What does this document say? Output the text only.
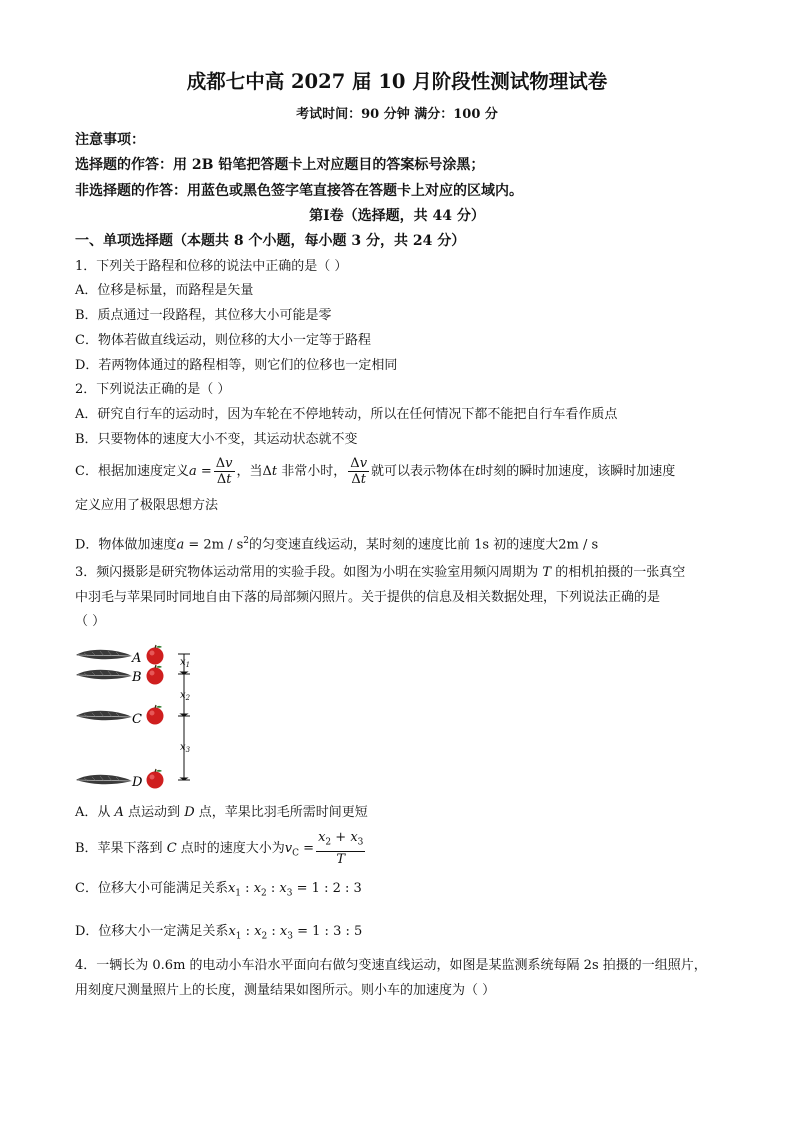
成都七中高 2027 届 10 月阶段性测试物理试卷
考试时间：90 分钟 满分：100 分
注意事项：
选择题的作答：用 2B 铅笔把答题卡上对应题目的答案标号涂黑；
非选择题的作答：用蓝色或黑色签字笔直接答在答题卡上对应的区域内。
第Ⅰ卷（选择题，共 44 分）
一、单项选择题（本题共 8 个小题，每小题 3 分，共 24 分）
1．下列关于路程和位移的说法中正确的是（ ）
A．位移是标量，而路程是矢量
B．质点通过一段路程，其位移大小可能是零
C．物体若做直线运动，则位移的大小一定等于路程
D．若两物体通过的路程相等，则它们的位移也一定相同
2．下列说法正确的是（ ）
A．研究自行车的运动时，因为车轮在不停地转动，所以在任何情况下都不能把自行车看作质点
B．只要物体的速度大小不变，其运动状态就不变
C．根据加速度定义$a = \frac{\Delta v}{\Delta t}$ ，当Δt 非常小时， $\frac{\Delta v}{\Delta t}$ 就可以表示物体在t时刻的瞬时加速度，该瞬时加速度
定义应用了极限思想方法
D．物体做加速度$a = 2m / s^2$的匀变速直线运动，某时刻的速度比前 1s 初的速度大2m / s
3．频闪摄影是研究物体运动常用的实验手段。如图为小明在实验室用频闪周期为 T 的相机拍摄的一张真空
中羽毛与苹果同时同地自由下落的局部频闪照片。关于提供的信息及相关数据处理，下列说法正确的是
（ ）
A
B
C
D
$x_1$
$x_2$
$x_3$
A．从 A 点运动到 D 点，苹果比羽毛所需时间更短
B．苹果下落到 C 点时的速度大小为$v_C = \frac{x_2 + x_3}{T}$
C．位移大小可能满足关系$x_1$ : $x_2$ : $x_3 = 1$ : 2 : 3
D．位移大小一定满足关系$x_1$ : $x_2$ : $x_3 = 1$ : 3 : 5
4．一辆长为 0.6m 的电动小车沿水平面向右做匀变速直线运动，如图是某监测系统每隔 2s 拍摄的一组照片，
用刻度尺测量照片上的长度，测量结果如图所示。则小车的加速度为（ ）
